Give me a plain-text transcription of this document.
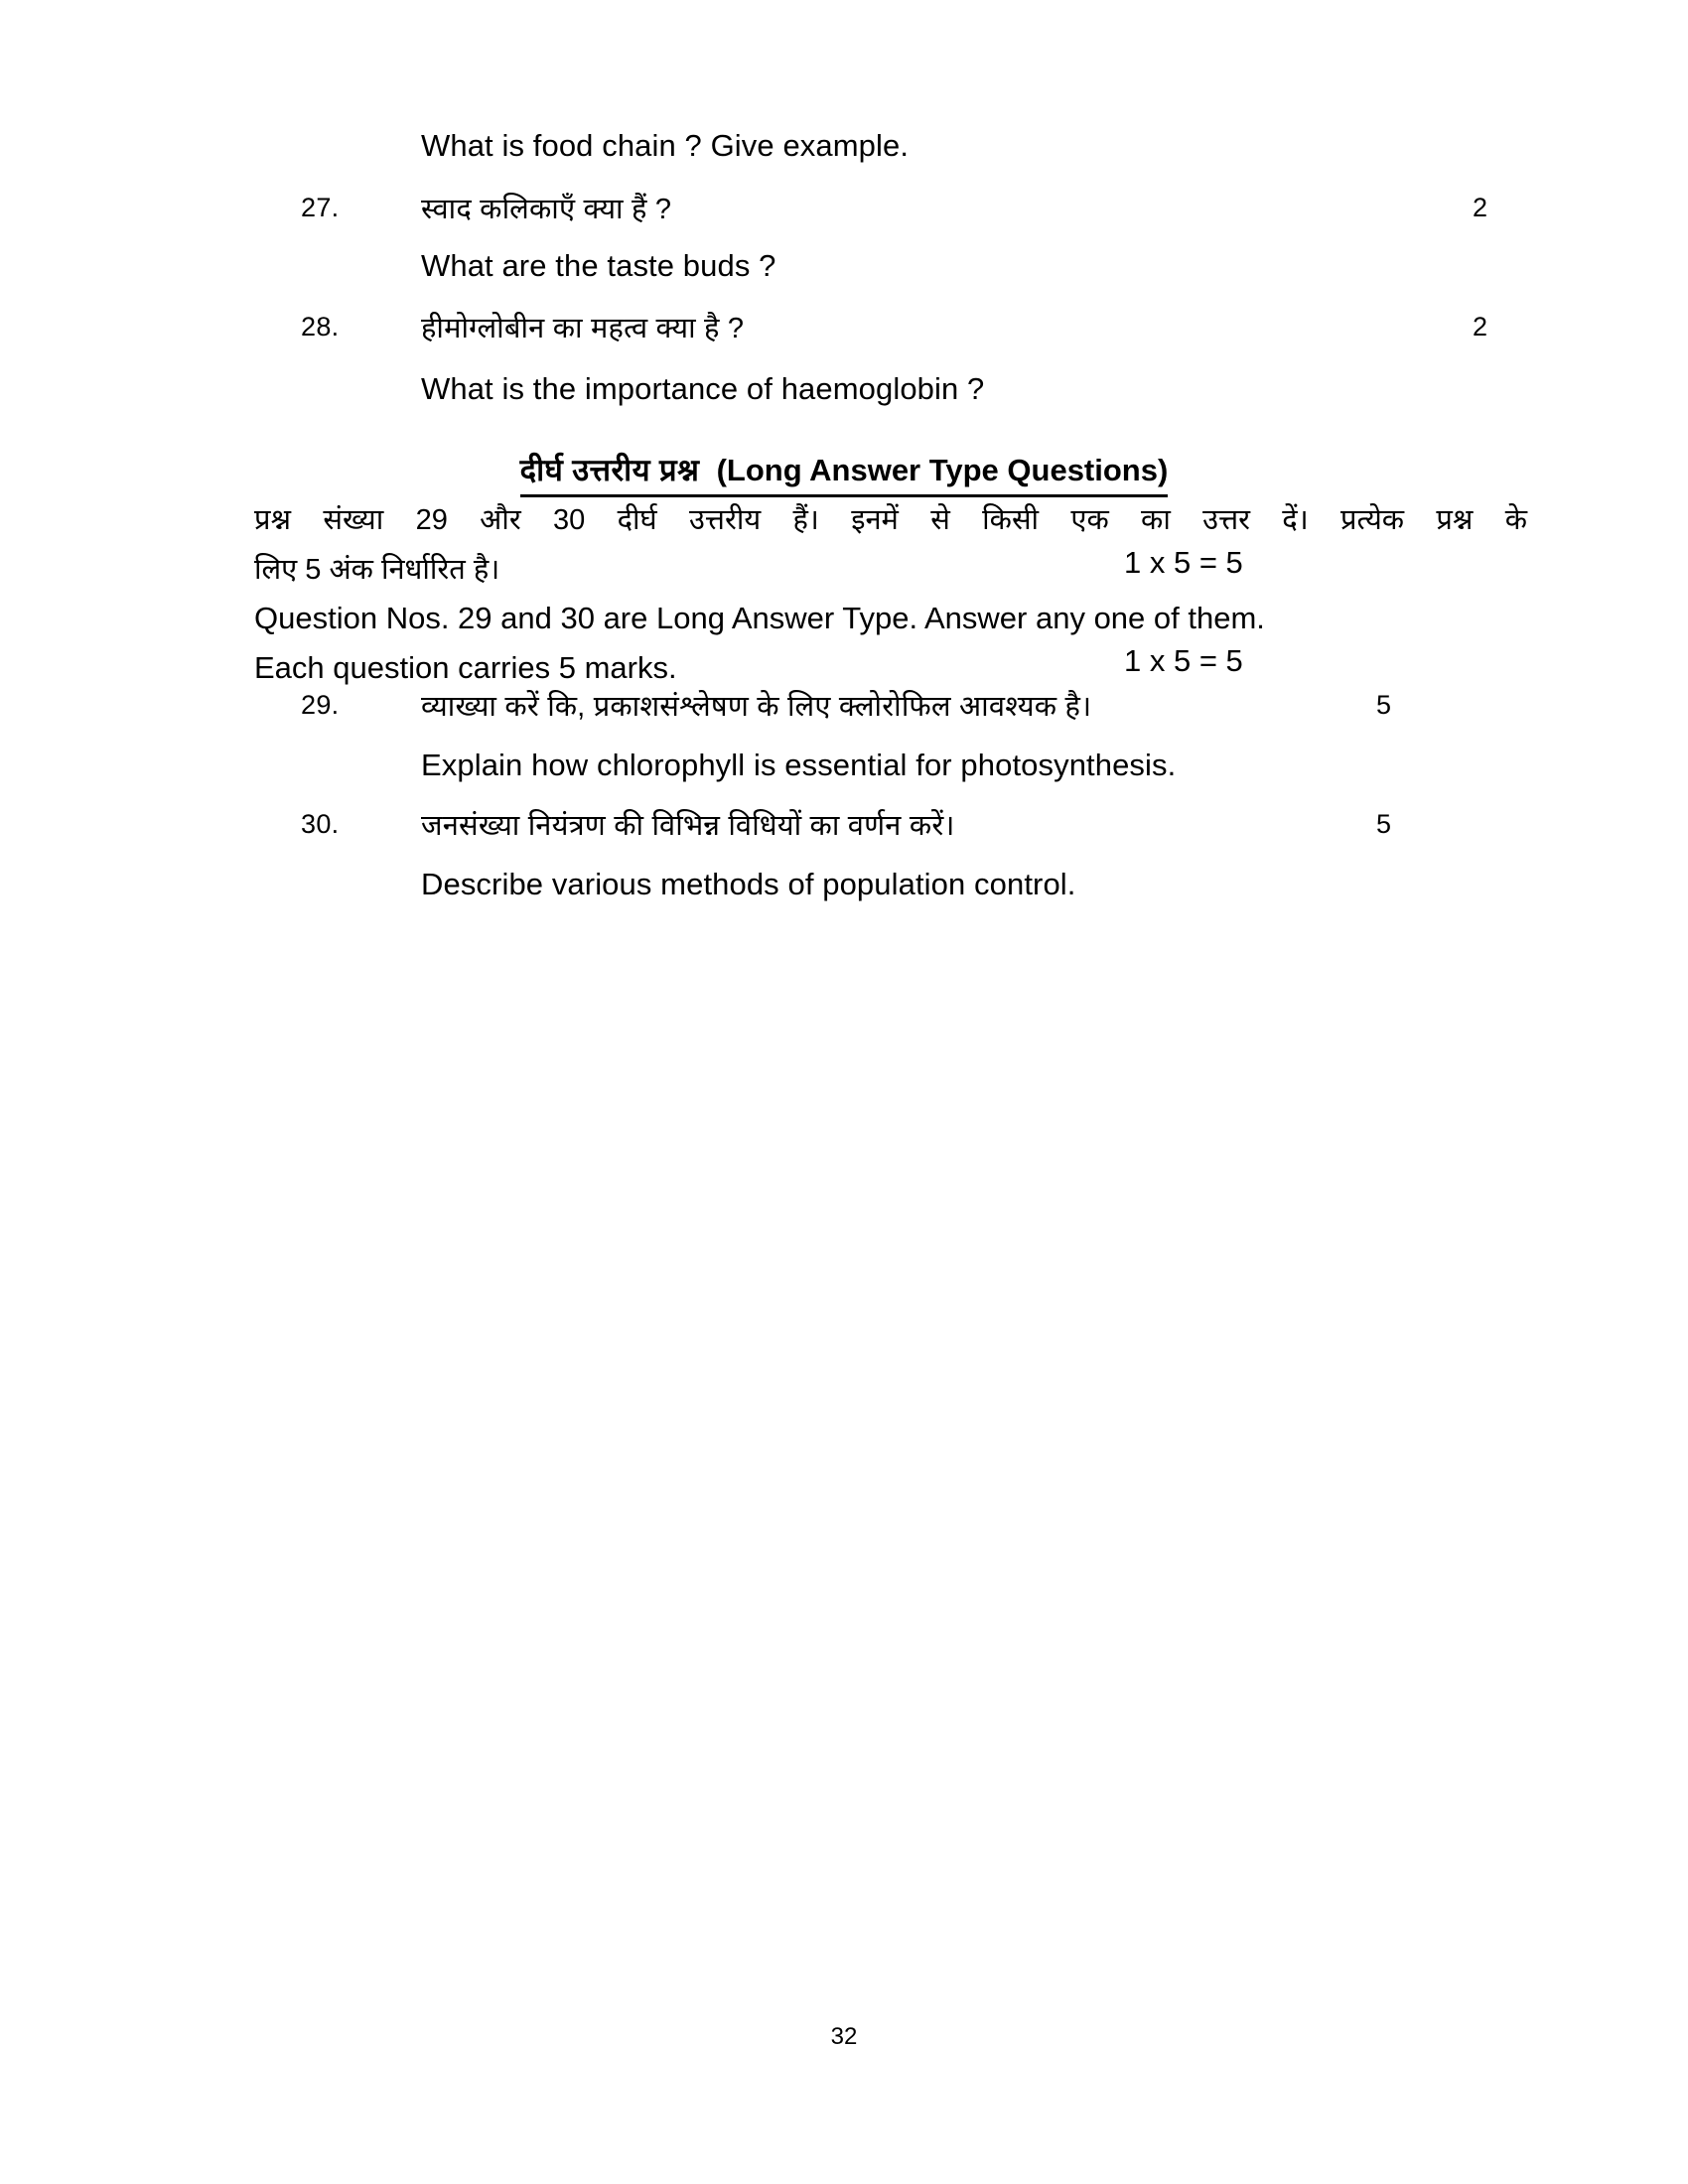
What is food chain ? Give example.
27.	स्वाद कलिकाएँ क्या हैं ?	2
What are the taste buds ?
28.	हीमोग्लोबीन का महत्व क्या है ?	2
What is the importance of haemoglobin ?
दीर्घ उत्तरीय प्रश्न (Long Answer Type Questions)
प्रश्न संख्या 29 और 30 दीर्घ उत्तरीय हैं। इनमें से किसी एक का उत्तर दें। प्रत्येक प्रश्न के
लिए 5 अंक निर्धारित है।	1 x 5 = 5
Question Nos. 29 and 30 are Long Answer Type. Answer any one of them.
Each question carries 5 marks.	1 x 5 = 5
29.	व्याख्या करें कि, प्रकाशसंश्लेषण के लिए क्लोरोफिल आवश्यक है।	5
Explain how chlorophyll is essential for photosynthesis.
30.	जनसंख्या नियंत्रण की विभिन्न विधियों का वर्णन करें।	5
Describe various methods of population control.
32
